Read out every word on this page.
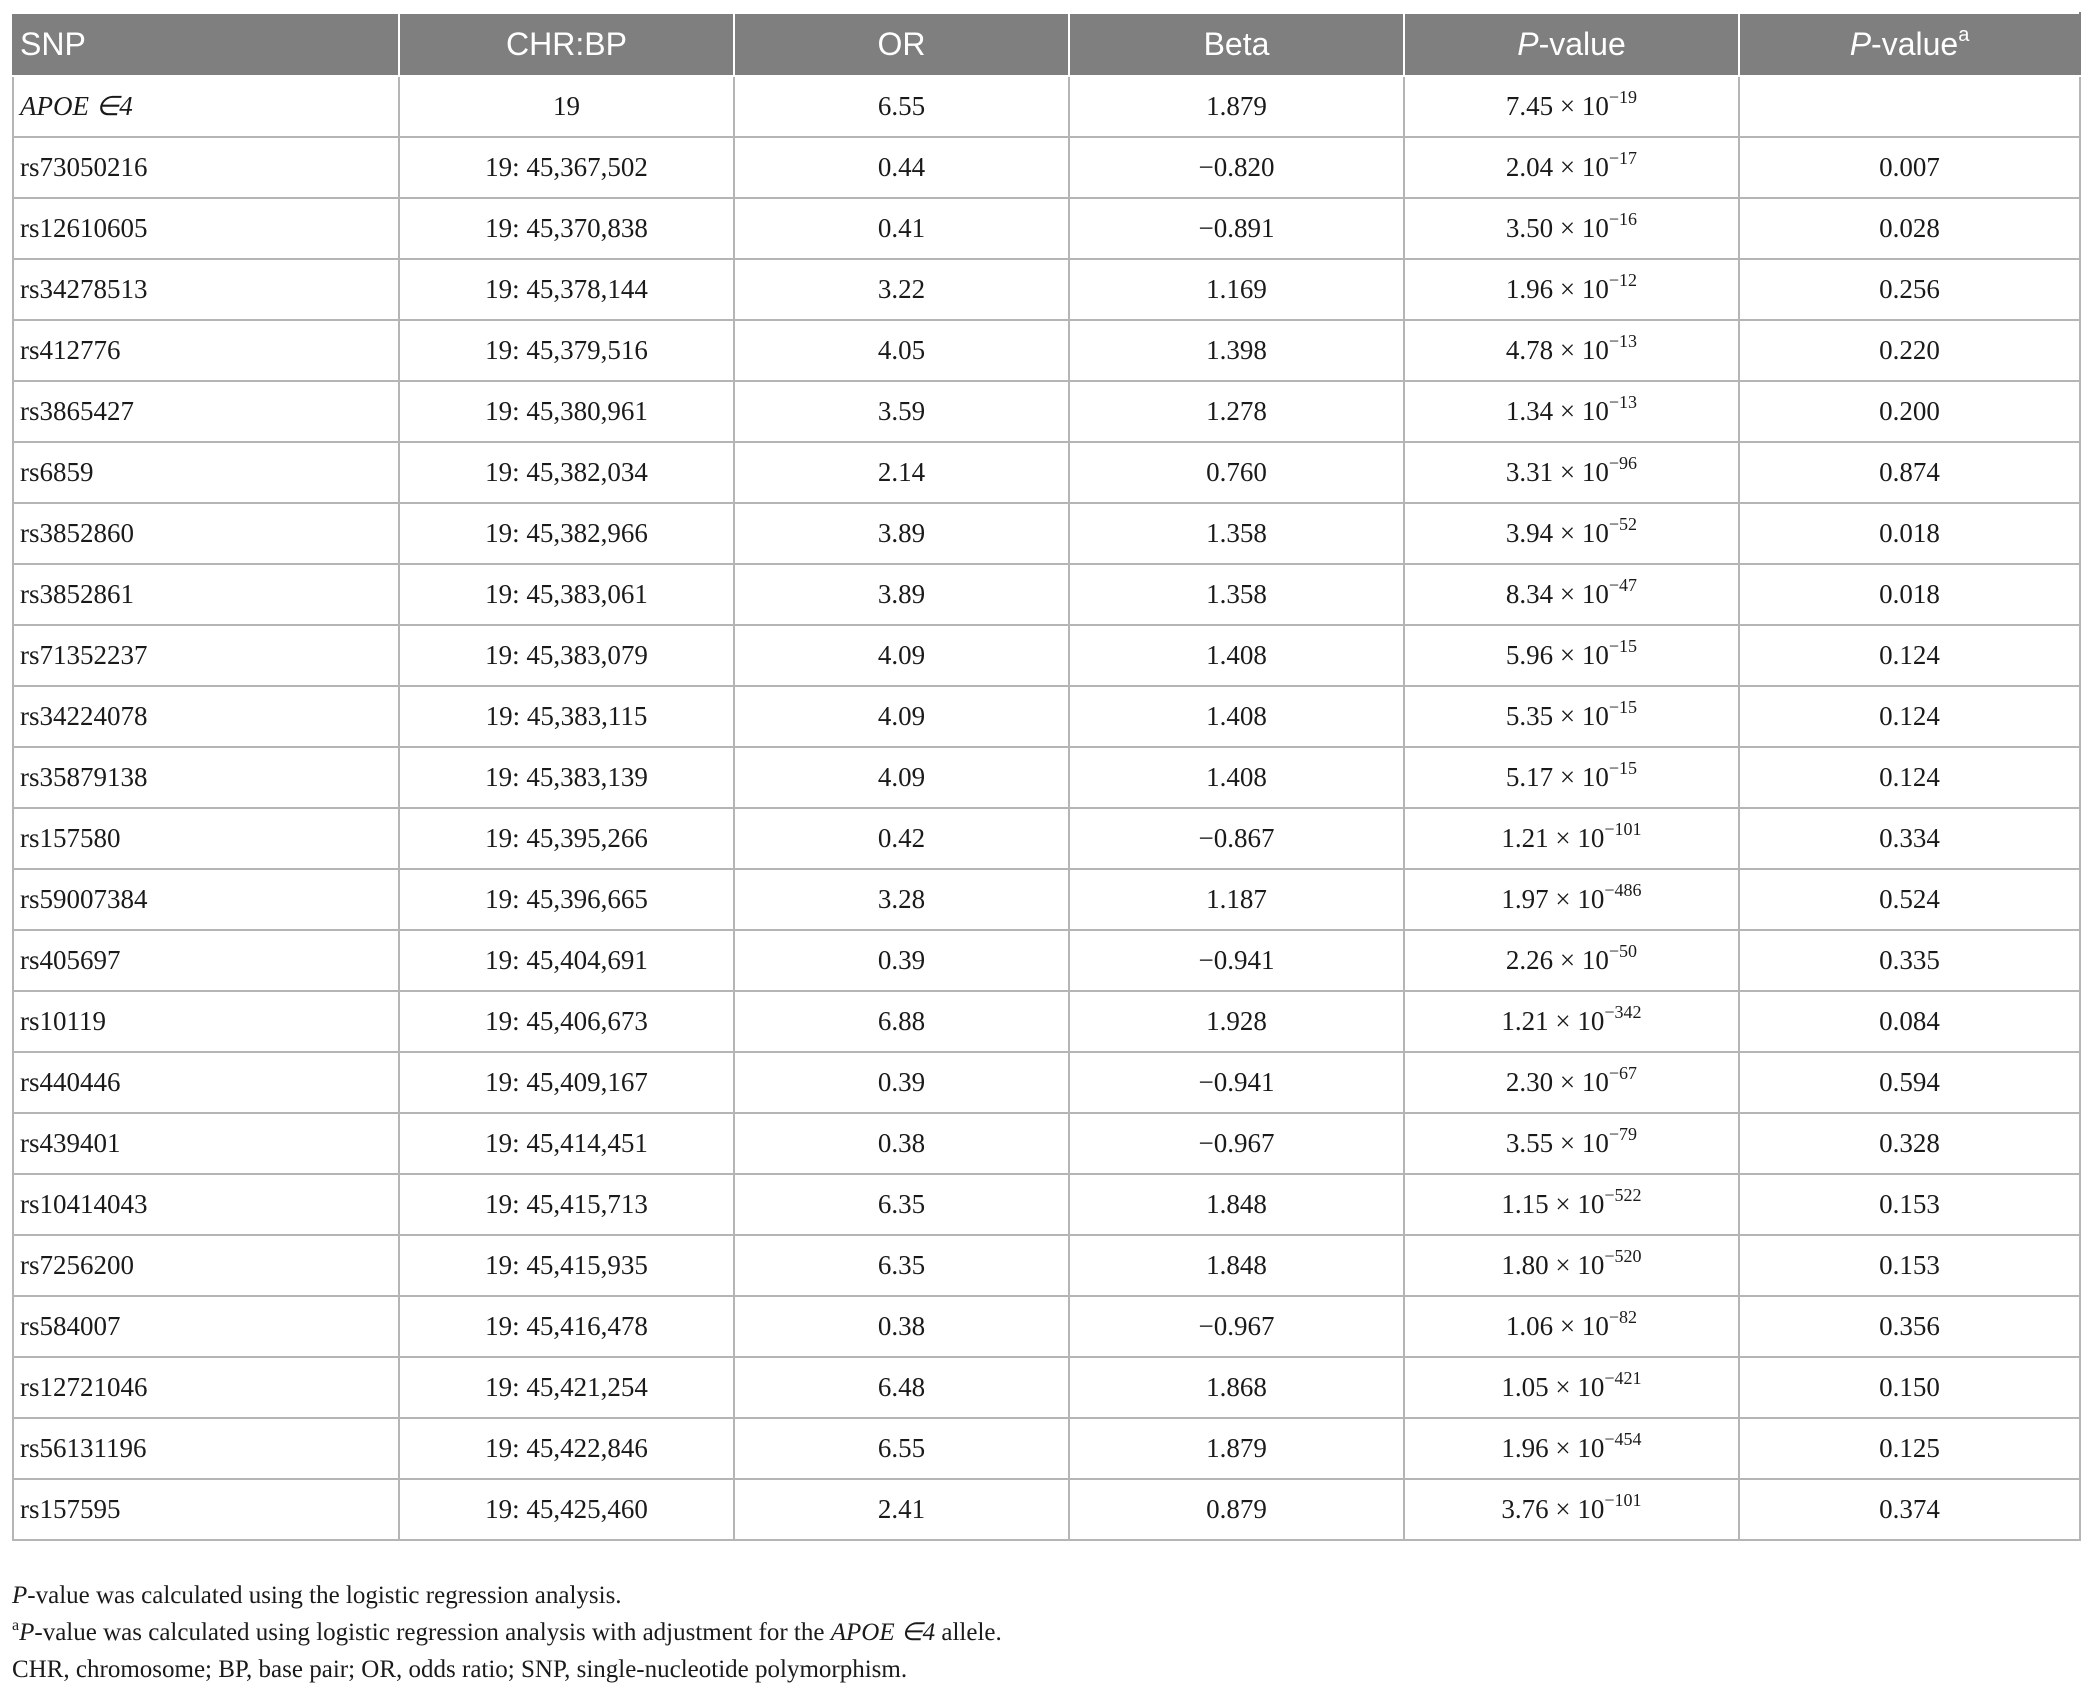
SNP	CHR:BP	OR	Beta	P-value	P-value$^a$
APOE ∈4	19	6.55	1.879	$7.45 \times 10^{-19}$	
rs73050216	19: 45,367,502	0.44	−0.820	$2.04 \times 10^{-17}$	0.007
rs12610605	19: 45,370,838	0.41	−0.891	$3.50 \times 10^{-16}$	0.028
rs34278513	19: 45,378,144	3.22	1.169	$1.96 \times 10^{-12}$	0.256
rs412776	19: 45,379,516	4.05	1.398	$4.78 \times 10^{-13}$	0.220
rs3865427	19: 45,380,961	3.59	1.278	$1.34 \times 10^{-13}$	0.200
rs6859	19: 45,382,034	2.14	0.760	$3.31 \times 10^{-96}$	0.874
rs3852860	19: 45,382,966	3.89	1.358	$3.94 \times 10^{-52}$	0.018
rs3852861	19: 45,383,061	3.89	1.358	$8.34 \times 10^{-47}$	0.018
rs71352237	19: 45,383,079	4.09	1.408	$5.96 \times 10^{-15}$	0.124
rs34224078	19: 45,383,115	4.09	1.408	$5.35 \times 10^{-15}$	0.124
rs35879138	19: 45,383,139	4.09	1.408	$5.17 \times 10^{-15}$	0.124
rs157580	19: 45,395,266	0.42	−0.867	$1.21 \times 10^{-101}$	0.334
rs59007384	19: 45,396,665	3.28	1.187	$1.97 \times 10^{-486}$	0.524
rs405697	19: 45,404,691	0.39	−0.941	$2.26 \times 10^{-50}$	0.335
rs10119	19: 45,406,673	6.88	1.928	$1.21 \times 10^{-342}$	0.084
rs440446	19: 45,409,167	0.39	−0.941	$2.30 \times 10^{-67}$	0.594
rs439401	19: 45,414,451	0.38	−0.967	$3.55 \times 10^{-79}$	0.328
rs10414043	19: 45,415,713	6.35	1.848	$1.15 \times 10^{-522}$	0.153
rs7256200	19: 45,415,935	6.35	1.848	$1.80 \times 10^{-520}$	0.153
rs584007	19: 45,416,478	0.38	−0.967	$1.06 \times 10^{-82}$	0.356
rs12721046	19: 45,421,254	6.48	1.868	$1.05 \times 10^{-421}$	0.150
rs56131196	19: 45,422,846	6.55	1.879	$1.96 \times 10^{-454}$	0.125
rs157595	19: 45,425,460	2.41	0.879	$3.76 \times 10^{-101}$	0.374
P-value was calculated using the logistic regression analysis.
$^a$P-value was calculated using logistic regression analysis with adjustment for the APOE ∈4 allele.
CHR, chromosome; BP, base pair; OR, odds ratio; SNP, single-nucleotide polymorphism.
